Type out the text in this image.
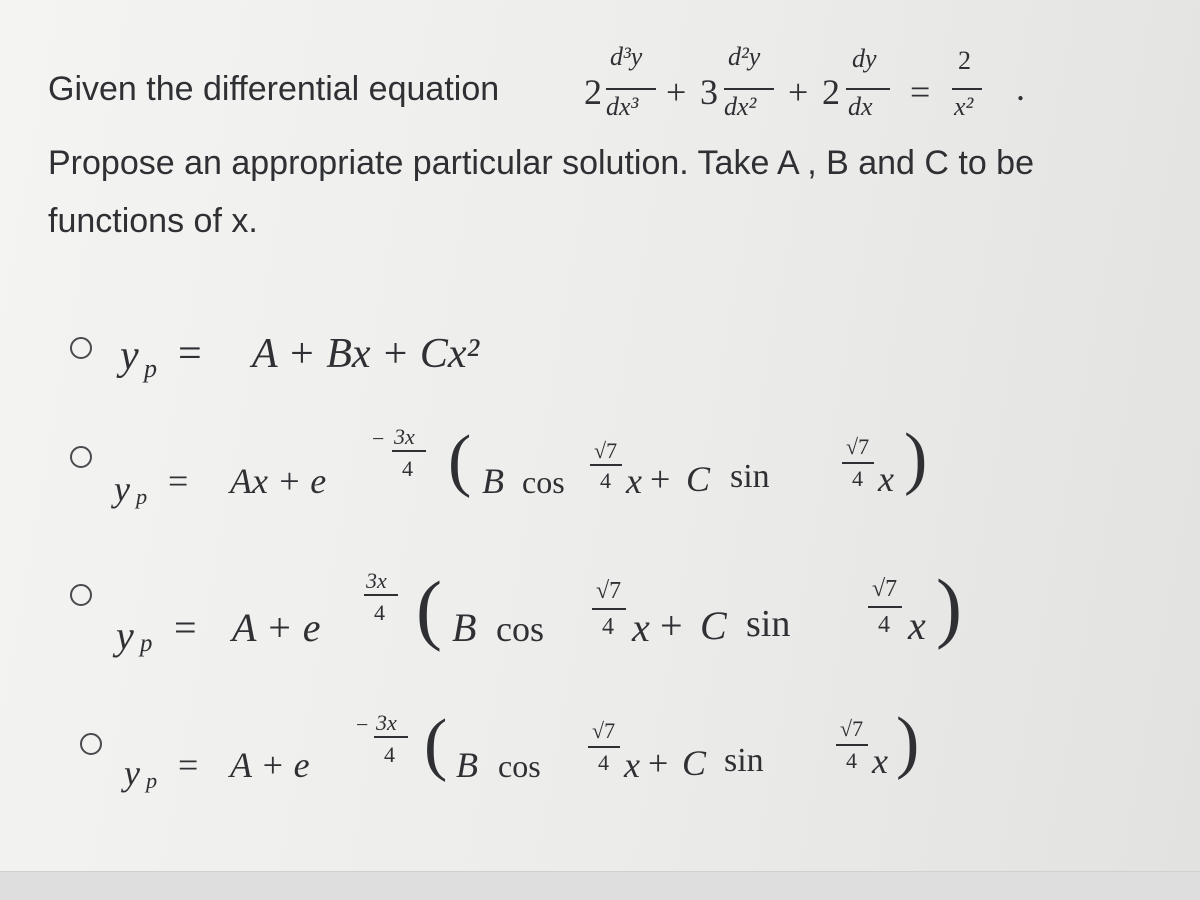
Given the differential equation 2
d³y
dx³ + 3
d²y
dx² + 2
dy
dx =
2
x² .
Propose an appropriate particular solution. Take A , B and C to be
functions of x.
y p = A + Bx + Cx²
y p = Ax + e
− 3x
4 ( B cos
√7
4 x + C sin
√7
4 x )
y p = A + e
3x
4 ( B cos
√7
4 x + C sin
√7
4 x )
y p = A + e
− 3x
4 ( B cos
√7
4 x + C sin
√7
4 x )
